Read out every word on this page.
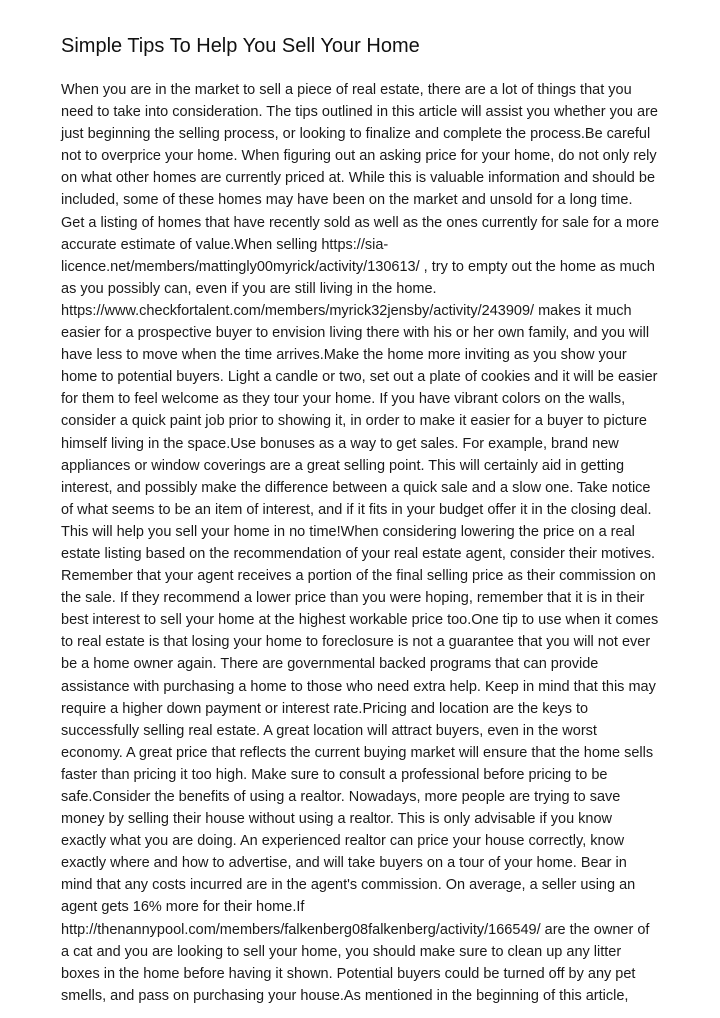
Simple Tips To Help You Sell Your Home
When you are in the market to sell a piece of real estate, there are a lot of things that you
need to take into consideration. The tips outlined in this article will assist you whether you are
just beginning the selling process, or looking to finalize and complete the process.Be careful
not to overprice your home. When figuring out an asking price for your home, do not only rely
on what other homes are currently priced at. While this is valuable information and should be
included, some of these homes may have been on the market and unsold for a long time.
Get a listing of homes that have recently sold as well as the ones currently for sale for a more
accurate estimate of value.When selling https://sia-
licence.net/members/mattingly00myrick/activity/130613/ , try to empty out the home as much
as you possibly can, even if you are still living in the home.
https://www.checkfortalent.com/members/myrick32jensby/activity/243909/ makes it much
easier for a prospective buyer to envision living there with his or her own family, and you will
have less to move when the time arrives.Make the home more inviting as you show your
home to potential buyers. Light a candle or two, set out a plate of cookies and it will be easier
for them to feel welcome as they tour your home. If you have vibrant colors on the walls,
consider a quick paint job prior to showing it, in order to make it easier for a buyer to picture
himself living in the space.Use bonuses as a way to get sales. For example, brand new
appliances or window coverings are a great selling point. This will certainly aid in getting
interest, and possibly make the difference between a quick sale and a slow one. Take notice
of what seems to be an item of interest, and if it fits in your budget offer it in the closing deal.
This will help you sell your home in no time!When considering lowering the price on a real
estate listing based on the recommendation of your real estate agent, consider their motives.
Remember that your agent receives a portion of the final selling price as their commission on
the sale. If they recommend a lower price than you were hoping, remember that it is in their
best interest to sell your home at the highest workable price too.One tip to use when it comes
to real estate is that losing your home to foreclosure is not a guarantee that you will not ever
be a home owner again. There are governmental backed programs that can provide
assistance with purchasing a home to those who need extra help. Keep in mind that this may
require a higher down payment or interest rate.Pricing and location are the keys to
successfully selling real estate. A great location will attract buyers, even in the worst
economy. A great price that reflects the current buying market will ensure that the home sells
faster than pricing it too high. Make sure to consult a professional before pricing to be
safe.Consider the benefits of using a realtor. Nowadays, more people are trying to save
money by selling their house without using a realtor. This is only advisable if you know
exactly what you are doing. An experienced realtor can price your house correctly, know
exactly where and how to advertise, and will take buyers on a tour of your home. Bear in
mind that any costs incurred are in the agent's commission. On average, a seller using an
agent gets 16% more for their home.If
http://thenannypool.com/members/falkenberg08falkenberg/activity/166549/ are the owner of
a cat and you are looking to sell your home, you should make sure to clean up any litter
boxes in the home before having it shown. Potential buyers could be turned off by any pet
smells, and pass on purchasing your house.As mentioned in the beginning of this article,
